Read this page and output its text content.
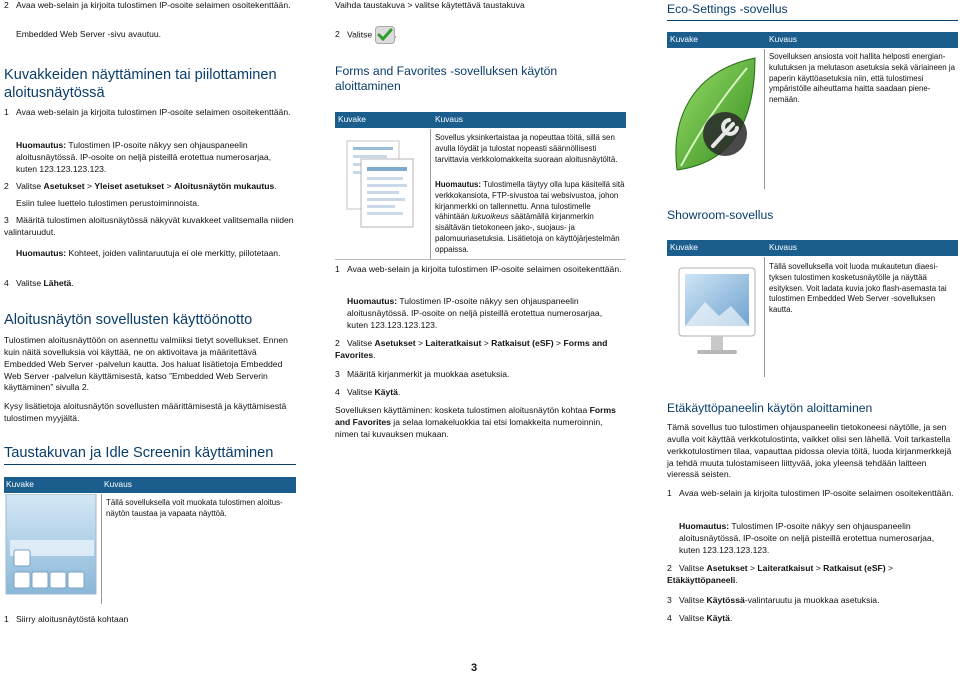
2 Avaa web-selain ja kirjoita tulostimen IP-osoite selaimen osoitekenttään.
Embedded Web Server -sivu avautuu.
Kuvakkeiden näyttäminen tai piilottaminen aloitusnäytössä
1 Avaa web-selain ja kirjoita tulostimen IP-osoite selaimen osoitekenttään.
Huomautus: Tulostimen IP-osoite näkyy sen ohjauspaneelin aloitusnäytössä. IP-osoite on neljä pisteillä erotettua numerosarjaa, kuten 123.123.123.123.
2 Valitse Asetukset > Yleiset asetukset > Aloitusnäytön mukautus.
Esiin tulee luettelo tulostimen perustoiminnoista.
3 Määritä tulostimen aloitusnäytössä näkyvät kuvakkeet valitsemalla niiden valintaruudut.
Huomautus: Kohteet, joiden valintaruutuja ei ole merkitty, piilotetaan.
4 Valitse Lähetä.
Aloitusnäytön sovellusten käyttöönotto
Tulostimen aloitusnäyttöön on asennettu valmiiksi tietyt sovellukset. Ennen kuin näitä sovelluksia voi käyttää, ne on aktivoitava ja määritettävä Embedded Web Server -palvelun kautta. Jos haluat lisätietoja Embedded Web Server -palvelun käyttämisestä, katso ”Embedded Web Serverin käyttäminen” sivulla 2.
Kysy lisätietoja aloitusnäytön sovellusten määrittämisestä ja käyttämisestä tulostimen myyjältä.
Taustakuvan ja Idle Screenin käyttäminen
Kuvake	Kuvaus
Tällä sovelluksella voit muokata tulostimen aloitusnäytön taustaa ja vapaata näyttöä.
1 Siirry aloitusnäytöstä kohtaan
Vaihda taustakuva > valitse käytettävä taustakuva
2 Valitse .
Forms and Favorites -sovelluksen käytön aloittaminen
Kuvake	Kuvaus
Sovellus yksinkertaistaa ja nopeuttaa töitä, sillä sen avulla löydät ja tulostat nopeasti säännöllisesti tarvittavia verkkolomakkeita suoraan aloitusnäytöltä.
Huomautus: Tulostimella täytyy olla lupa käsitellä sitä verkkokansiota, FTP-sivustoa tai websivustoa, johon kirjanmerkki on tallennettu. Anna tulostimelle vähintään lukuoikeus säätämällä kirjanmerkin sisältävän tietokoneen jako-, suojaus- ja palomuuriasetuksia. Lisätietoja on käyttöjärjestelmän oppaissa.
1 Avaa web-selain ja kirjoita tulostimen IP-osoite selaimen osoitekenttään.
Huomautus: Tulostimen IP-osoite näkyy sen ohjauspaneelin aloitusnäytössä. IP-osoite on neljä pisteillä erotettua numerosarjaa, kuten 123.123.123.123.
2 Valitse Asetukset > Laiteratkaisut > Ratkaisut (eSF) > Forms and Favorites.
3 Määritä kirjanmerkit ja muokkaa asetuksia.
4 Valitse Käytä.
Sovelluksen käyttäminen: kosketa tulostimen aloitusnäytön kohtaa Forms and Favorites ja selaa lomakeluokkia tai etsi lomakkeita numeroinnin, nimen tai kuvauksen mukaan.
Eco-Settings -sovellus
Kuvake	Kuvaus
Sovelluksen ansiosta voit hallita helposti energiankulutuksen ja melutason asetuksia sekä väriaineen ja paperin käyttöasetuksia niin, että tulostimesi ympäristölle aiheuttama haitta saadaan pienenemään.
Showroom-sovellus
Kuvake	Kuvaus
Tällä sovelluksella voit luoda mukautetun diaesityksen tulostimen kosketusnäytölle ja näyttää esityksen. Voit ladata kuvia joko flash-asemasta tai tulostimen Embedded Web Server -sovelluksen kautta.
Etäkäyttöpaneelin käytön aloittaminen
Tämä sovellus tuo tulostimen ohjauspaneelin tietokoneesi näytölle, ja sen avulla voit käyttää verkkotulostinta, vaikket olisi sen lähellä. Voit tarkastella verkkotulostimen tilaa, vapauttaa pidossa olevia töitä, luoda kirjanmerkkejä ja tehdä muuta tulostamiseen liittyvää, joka yleensä tehdään laitteen vieressä seisten.
1 Avaa web-selain ja kirjoita tulostimen IP-osoite selaimen osoitekenttään.
Huomautus: Tulostimen IP-osoite näkyy sen ohjauspaneelin aloitusnäytössä. IP-osoite on neljä pisteillä erotettua numerosarjaa, kuten 123.123.123.123.
2 Valitse Asetukset > Laiteratkaisut > Ratkaisut (eSF) > Etäkäyttöpaneeli.
3 Valitse Käytössä-valintaruutu ja muokkaa asetuksia.
4 Valitse Käytä.
3
